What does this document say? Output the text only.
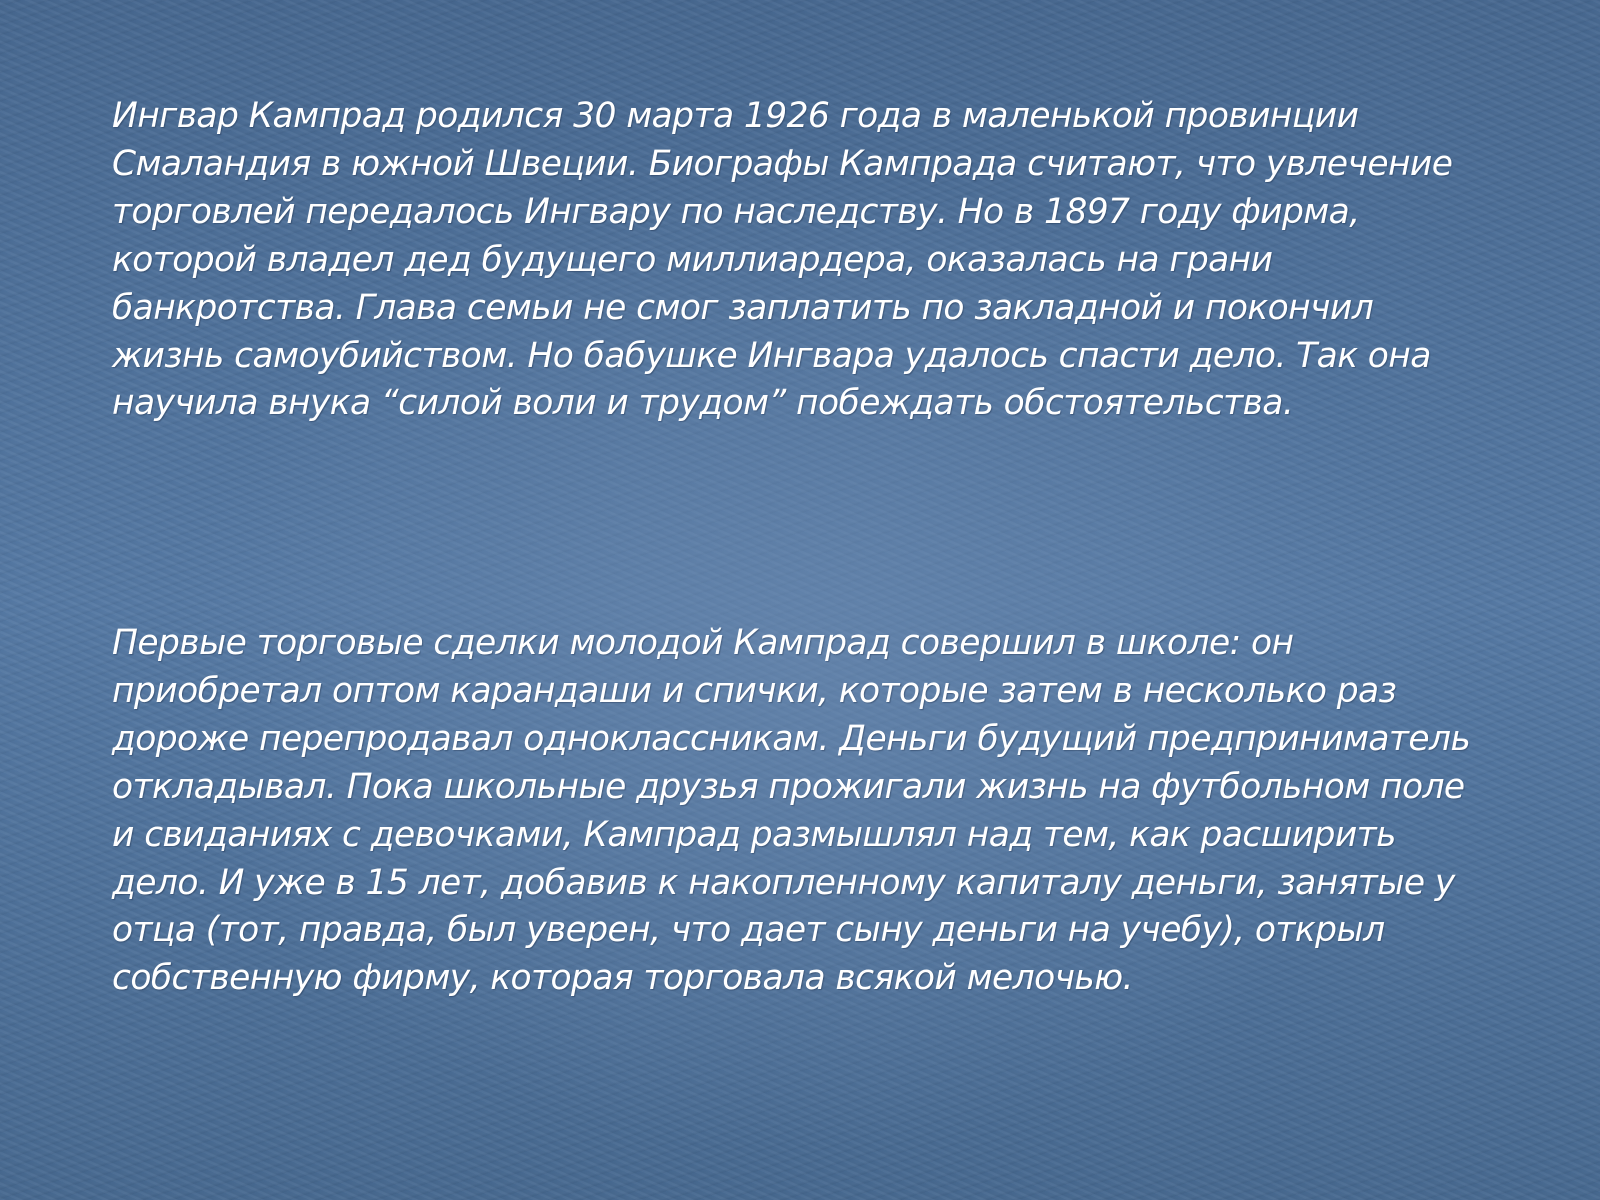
Ингвар Кампрад родился 30 марта 1926 года в маленькой провинции
Смаландия в южной Швеции. Биографы Кампрада считают, что увлечение
торговлей передалось Ингвару по наследству. Но в 1897 году фирма,
которой владел дед будущего миллиардера, оказалась на грани
банкротства. Глава семьи не смог заплатить по закладной и покончил
жизнь самоубийством. Но бабушке Ингвара удалось спасти дело. Так она
научила внука “силой воли и трудом” побеждать обстоятельства.

Первые торговые сделки молодой Кампрад совершил в школе: он
приобретал оптом карандаши и спички, которые затем в несколько раз
дороже перепродавал одноклассникам. Деньги будущий предприниматель
откладывал. Пока школьные друзья прожигали жизнь на футбольном поле
и свиданиях с девочками, Кампрад размышлял над тем, как расширить
дело. И уже в 15 лет, добавив к накопленному капиталу деньги, занятые у
отца (тот, правда, был уверен, что дает сыну деньги на учебу), открыл
собственную фирму, которая торговала всякой мелочью.
